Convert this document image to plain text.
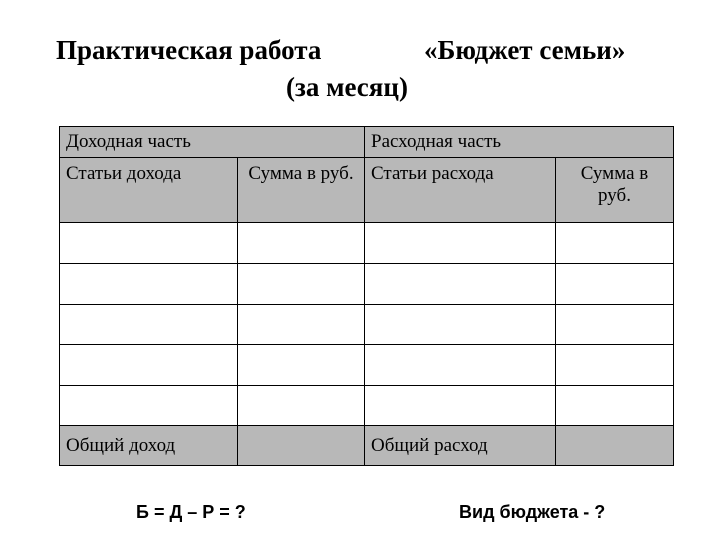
Практическая работа	«Бюджет семьи»
(за месяц)
Доходная часть		Расходная часть	
Статьи дохода	Сумма в руб.	Статьи расхода	Сумма в руб.

Общий доход		Общий расход	
Б = Д – Р = ?	Вид бюджета - ?
